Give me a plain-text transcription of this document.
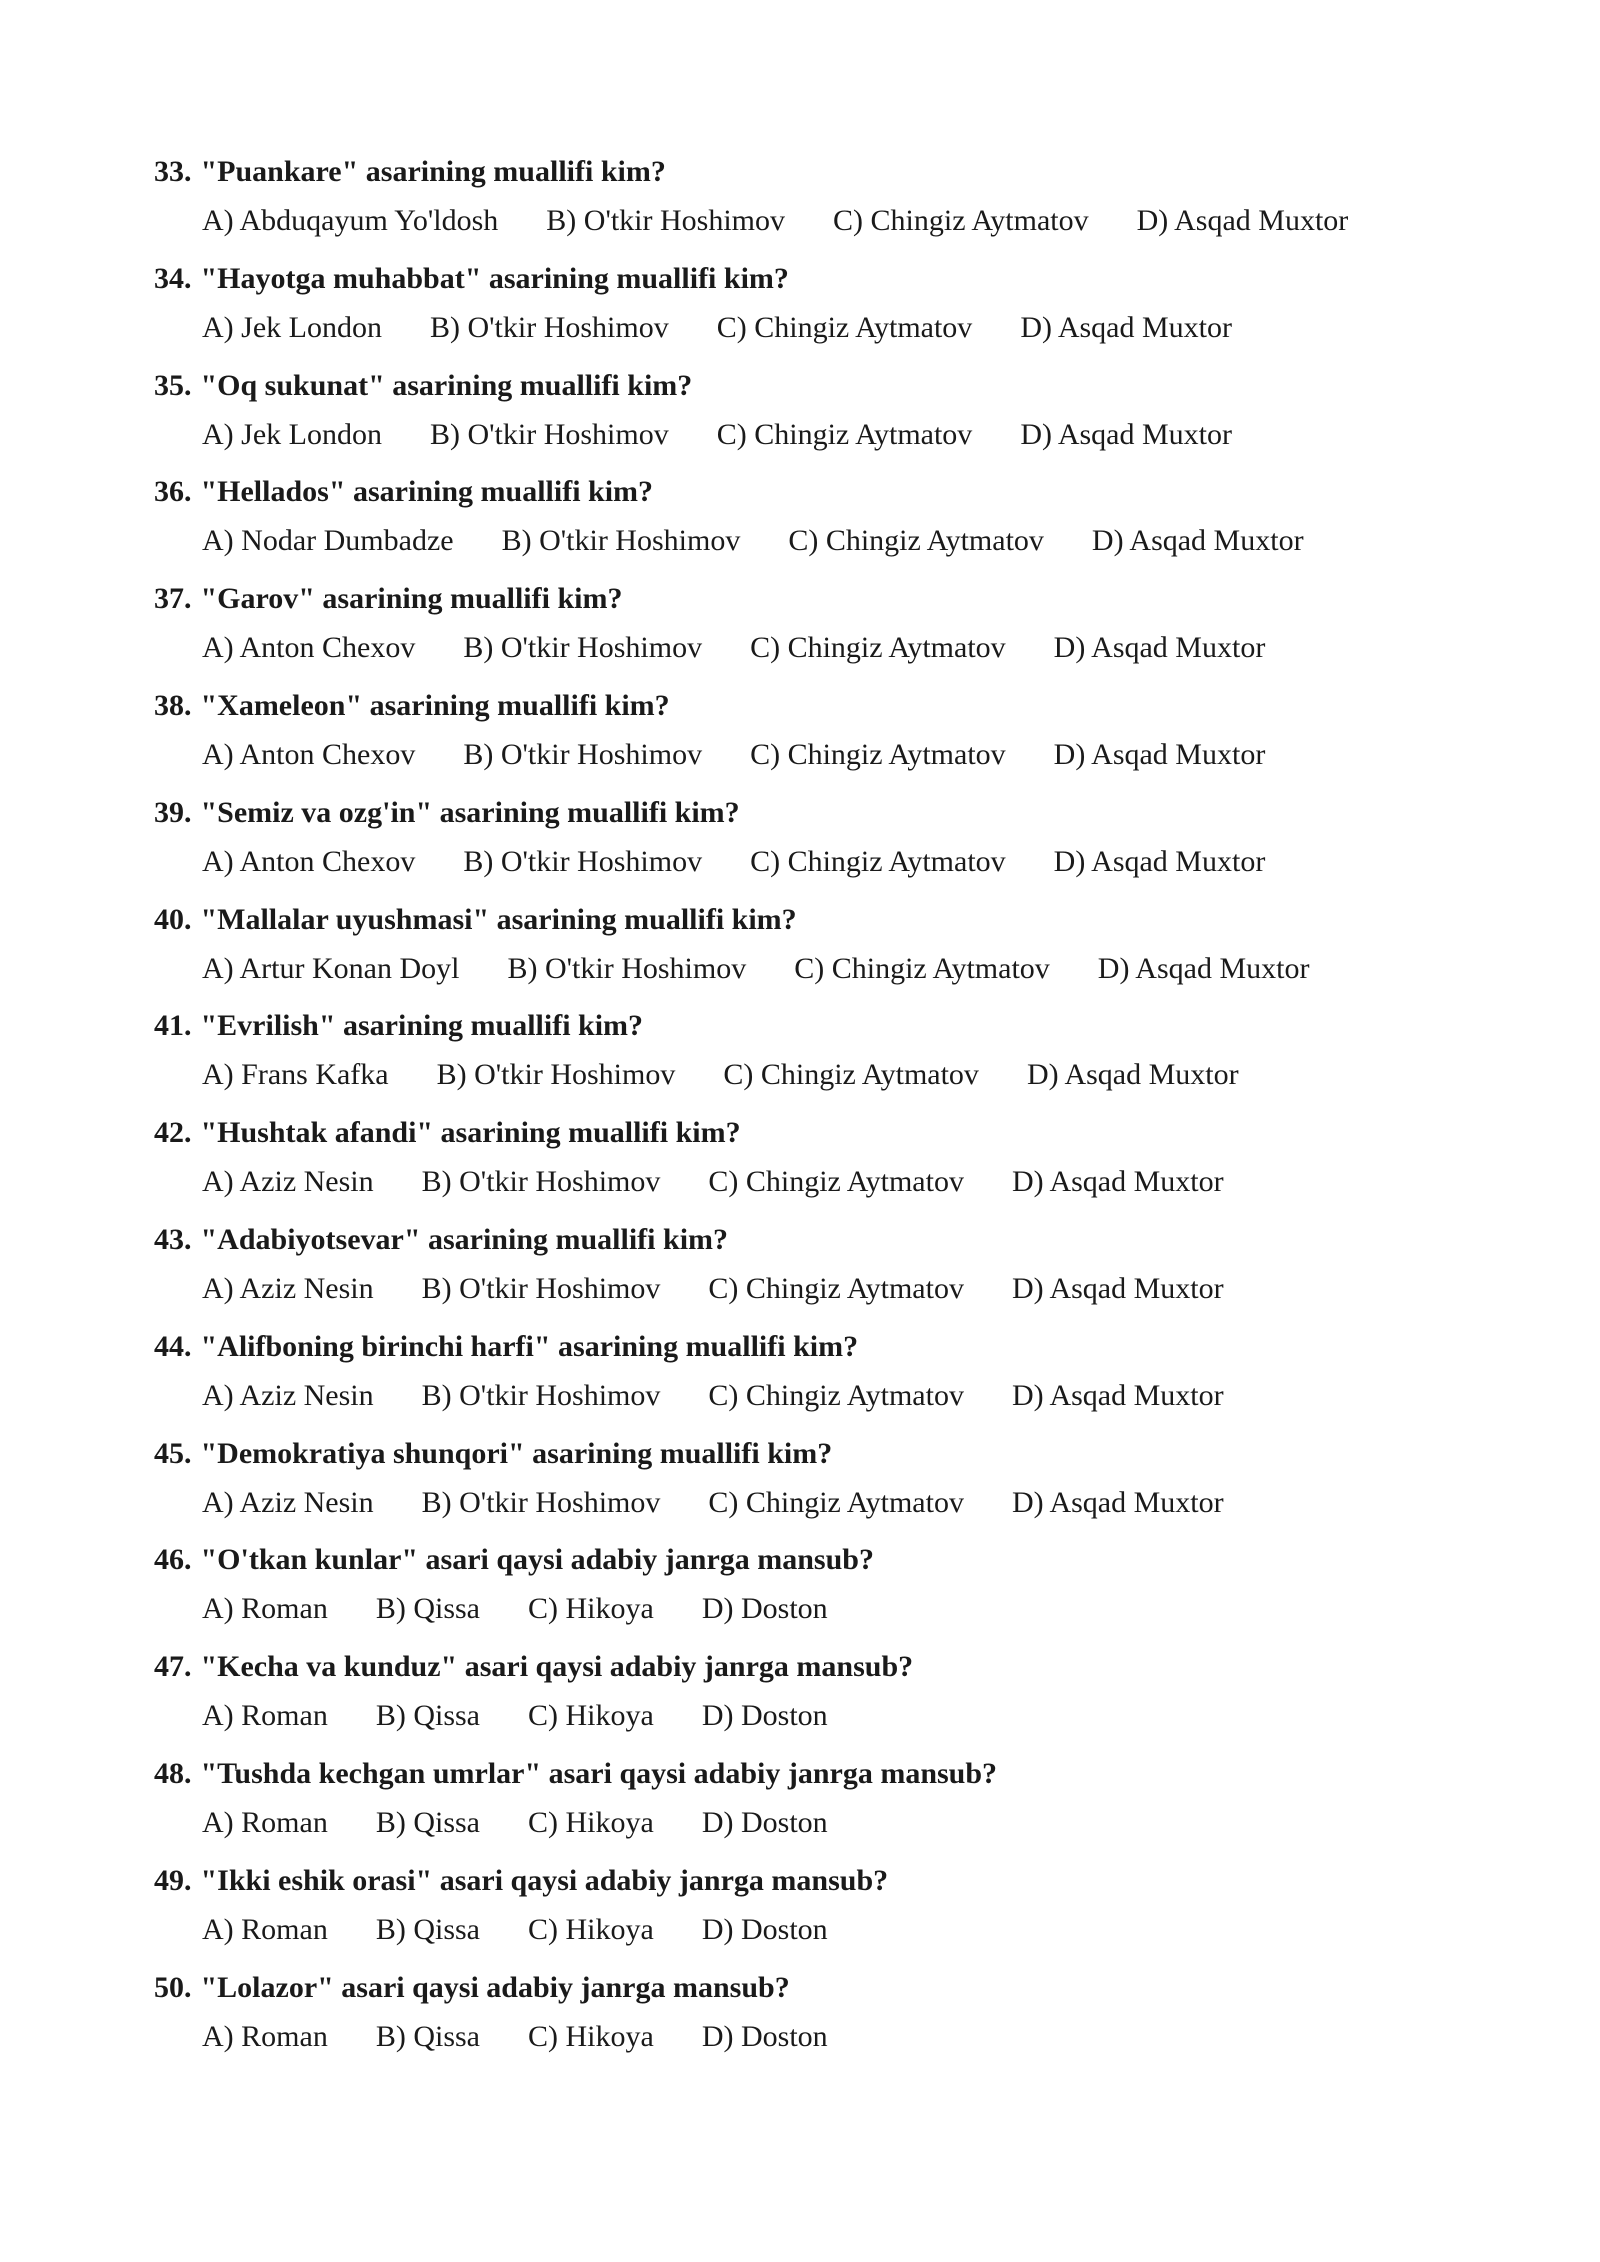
33. "Puankare" asarining muallifi kim?
A) Abduqayum Yo'ldosh B) O'tkir Hoshimov C) Chingiz Aytmatov D) Asqad Muxtor
34. "Hayotga muhabbat" asarining muallifi kim?
A) Jek London B) O'tkir Hoshimov C) Chingiz Aytmatov D) Asqad Muxtor
35. "Oq sukunat" asarining muallifi kim?
A) Jek London B) O'tkir Hoshimov C) Chingiz Aytmatov D) Asqad Muxtor
36. "Hellados" asarining muallifi kim?
A) Nodar Dumbadze B) O'tkir Hoshimov C) Chingiz Aytmatov D) Asqad Muxtor
37. "Garov" asarining muallifi kim?
A) Anton Chexov B) O'tkir Hoshimov C) Chingiz Aytmatov D) Asqad Muxtor
38. "Xameleon" asarining muallifi kim?
A) Anton Chexov B) O'tkir Hoshimov C) Chingiz Aytmatov D) Asqad Muxtor
39. "Semiz va ozg'in" asarining muallifi kim?
A) Anton Chexov B) O'tkir Hoshimov C) Chingiz Aytmatov D) Asqad Muxtor
40. "Mallalar uyushmasi" asarining muallifi kim?
A) Artur Konan Doyl B) O'tkir Hoshimov C) Chingiz Aytmatov D) Asqad Muxtor
41. "Evrilish" asarining muallifi kim?
A) Frans Kafka B) O'tkir Hoshimov C) Chingiz Aytmatov D) Asqad Muxtor
42. "Hushtak afandi" asarining muallifi kim?
A) Aziz Nesin B) O'tkir Hoshimov C) Chingiz Aytmatov D) Asqad Muxtor
43. "Adabiyotsevar" asarining muallifi kim?
A) Aziz Nesin B) O'tkir Hoshimov C) Chingiz Aytmatov D) Asqad Muxtor
44. "Alifboning birinchi harfi" asarining muallifi kim?
A) Aziz Nesin B) O'tkir Hoshimov C) Chingiz Aytmatov D) Asqad Muxtor
45. "Demokratiya shunqori" asarining muallifi kim?
A) Aziz Nesin B) O'tkir Hoshimov C) Chingiz Aytmatov D) Asqad Muxtor
46. "O'tkan kunlar" asari qaysi adabiy janrga mansub?
A) Roman B) Qissa C) Hikoya D) Doston
47. "Kecha va kunduz" asari qaysi adabiy janrga mansub?
A) Roman B) Qissa C) Hikoya D) Doston
48. "Tushda kechgan umrlar" asari qaysi adabiy janrga mansub?
A) Roman B) Qissa C) Hikoya D) Doston
49. "Ikki eshik orasi" asari qaysi adabiy janrga mansub?
A) Roman B) Qissa C) Hikoya D) Doston
50. "Lolazor" asari qaysi adabiy janrga mansub?
A) Roman B) Qissa C) Hikoya D) Doston
